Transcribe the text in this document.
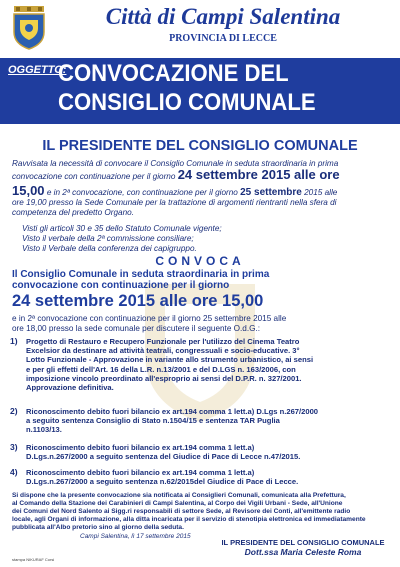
Città di Campi Salentina
PROVINCIA DI LECCE
OGGETTO:
CONVOCAZIONE DEL
CONSIGLIO COMUNALE
IL PRESIDENTE DEL CONSIGLIO COMUNALE
Ravvisata la necessità di convocare il Consiglio Comunale in seduta straordinaria in prima
convocazione con continuazione per il giorno 24 settembre 2015 alle ore
15,00 e in 2ª convocazione, con continuazione per il giorno 25 settembre 2015 alle
ore 19,00 presso la Sede Comunale per la trattazione di argomenti rientranti nella sfera di
competenza del predetto Organo.
Visti gli articoli 30 e 35 dello Statuto Comunale vigente;
Visto il verbale della 2ª commissione consiliare;
Visto il Verbale della conferenza dei capigruppo.
CONVOCA
Il Consiglio Comunale in seduta straordinaria in prima
convocazione con continuazione per il giorno
24 settembre 2015 alle ore 15,00
e in 2ª convocazione con continuazione per il giorno 25 settembre 2015 alle
ore 18,00 presso la sede comunale per discutere il seguente O.d.G.:
1)	Progetto di Restauro e Recupero Funzionale per l'utilizzo del Cinema Teatro
Excelsior da destinare ad attività teatrali, congressuali e socio-educative. 3°
Lotto Funzionale - Approvazione in variante allo strumento urbanistico, ai sensi
e per gli effetti dell'Art. 16 della L.R. n.13/2001 e del D.LGS n. 163/2006, con
imposizione vincolo preordinato all'esproprio ai sensi del D.P.R. n. 327/2001.
Approvazione definitiva.
2)	Riconoscimento debito fuori bilancio ex art.194 comma 1 lett.a) D.Lgs n.267/2000
a seguito sentenza Consiglio di Stato n.1504/15 e sentenza TAR Puglia
n.1103/13.
3)	Riconoscimento debito fuori bilancio ex art.194 comma 1 lett.a)
D.Lgs.n.267/2000 a seguito sentenza del Giudice di Pace di Lecce n.47/2015.
4)	Riconoscimento debito fuori bilancio ex art.194 comma 1 lett.a)
D.Lgs.n.267/2000 a seguito sentenza n.62/2015del Giudice di Pace di Lecce.
Si dispone che la presente convocazione sia notificata ai Consiglieri Comunali, comunicata alla Prefettura,
al Comando della Stazione dei Carabinieri di Campi Salentina, al Corpo dei Vigili Urbani - Sede, all'Unione
dei Comuni del Nord Salento ai Sigg.ri responsabili di settore Sede, al Revisore dei Conti, all'emittente radio
locale, agli Organi di informazione, alla ditta incaricata per il servizio di stenotipia elettronica ed immediatamente
pubblicata all'Albo pretorio sino al giorno della seduta.
Campi Salentina, lì 17 settembre 2015
IL PRESIDENTE DEL CONSIGLIO COMUNALE
Dott.ssa Maria Celeste Roma
stampa NIKURAF Corsi
